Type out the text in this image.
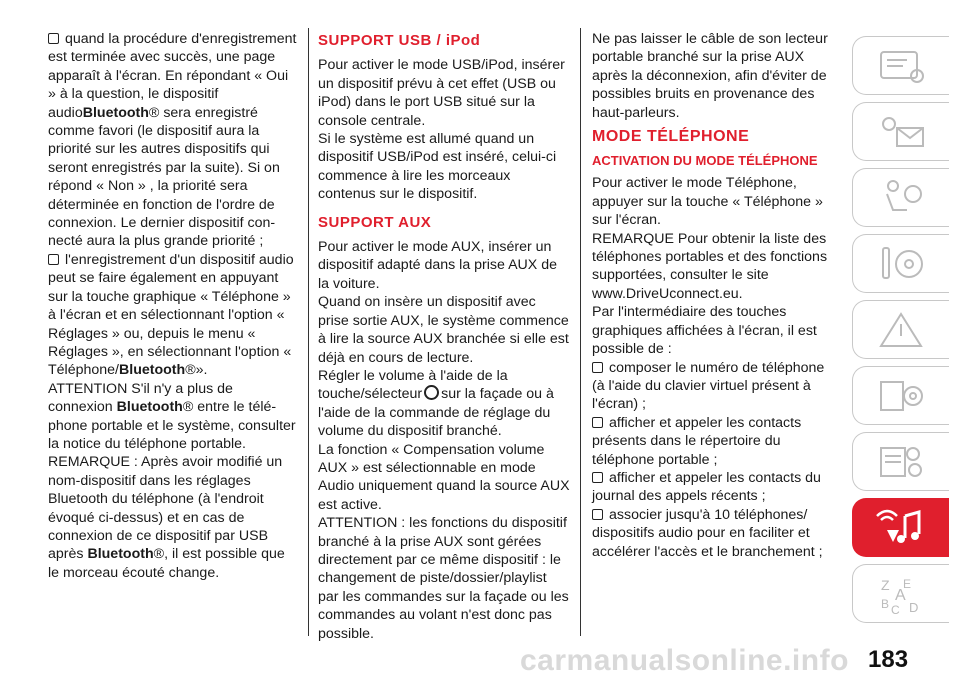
quand la procédure d'enregistrement est terminée avec succès, une page apparaît à l'écran. En répondant « Oui » à la question, le dispositif audioBluetooth® sera enregistré comme favori (le dispositif aura la priorité sur les autres dispositifs qui seront enregistrés par la suite). Si on répond « Non » , la priorité sera déterminée en fonction de l'ordre de connexion. Le dernier dispositif con- necté aura la plus grande priorité ;

l'enregistrement d'un dispositif audio peut se faire également en appuyant sur la touche graphique « Téléphone » à l'écran et en sélectionnant l'option « Réglages » ou, depuis le menu « Réglages », en sélectionnant l'option « Téléphone/Bluetooth®».

ATTENTION S'il n'y a plus de connexion Bluetooth® entre le télé- phone portable et le système, consulter la notice du téléphone portable.

REMARQUE : Après avoir modifié un nom-dispositif dans les réglages Bluetooth du téléphone (à l'endroit évoqué ci-dessus) et en cas de connexion de ce dispositif par USB après Bluetooth®, il est possible que le morceau écouté change.

SUPPORT USB / iPod

Pour activer le mode USB/iPod, insérer un dispositif prévu à cet effet (USB ou iPod) dans le port USB situé sur la console centrale.

Si le système est allumé quand un dispositif USB/iPod est inséré, celui-ci commence à lire les morceaux contenus sur le dispositif.

SUPPORT AUX

Pour activer le mode AUX, insérer un dispositif adapté dans la prise AUX de la voiture.

Quand on insère un dispositif avec prise sortie AUX, le système commence à lire la source AUX branchée si elle est déjà en cours de lecture.

Régler le volume à l'aide de la touche/sélecteur sur la façade ou à l'aide de la commande de réglage du volume du dispositif branché.

La fonction « Compensation volume AUX » est sélectionnable en mode Audio uniquement quand la source AUX est active.

ATTENTION : les fonctions du dispositif branché à la prise AUX sont gérées directement par ce même dispositif : le changement de piste/dossier/playlist par les commandes sur la façade ou les commandes au volant n'est donc pas possible.

Ne pas laisser le câble de son lecteur portable branché sur la prise AUX après la déconnexion, afin d'éviter de possibles bruits en provenance des haut-parleurs.

MODE TÉLÉPHONE
ACTIVATION DU MODE TÉLÉPHONE

Pour activer le mode Téléphone, appuyer sur la touche « Téléphone » sur l'écran.

REMARQUE Pour obtenir la liste des téléphones portables et des fonctions supportées, consulter le site www.DriveUconnect.eu.

Par l'intermédiaire des touches graphiques affichées à l'écran, il est possible de :

composer le numéro de téléphone (à l'aide du clavier virtuel présent à l'écran) ;

afficher et appeler les contacts présents dans le répertoire du téléphone portable ;

afficher et appeler les contacts du journal des appels récents ;

associer jusqu'à 10 téléphones/ dispositifs audio pour en faciliter et accélérer l'accès et le branchement ;

Z E
A
B C D
carmanualsonline.info 183
